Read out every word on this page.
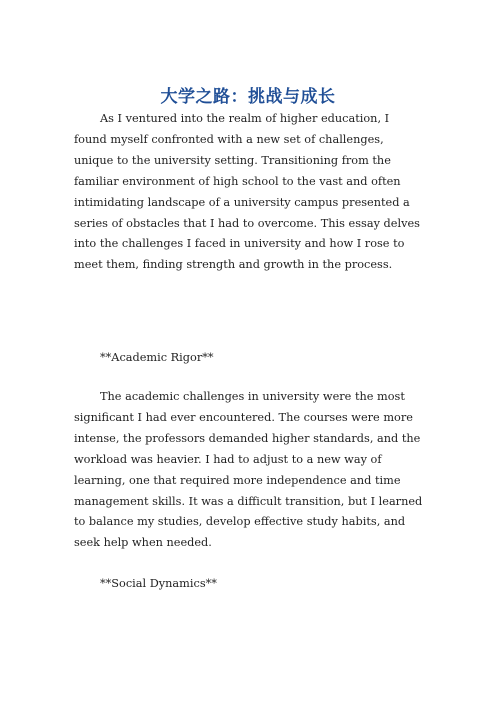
大学之路：挑战与成长

As I ventured into the realm of higher education, I found myself confronted with a new set of challenges, unique to the university setting. Transitioning from the familiar environment of high school to the vast and often intimidating landscape of a university campus presented a series of obstacles that I had to overcome. This essay delves into the challenges I faced in university and how I rose to meet them, finding strength and growth in the process.

**Academic Rigor**

The academic challenges in university were the most significant I had ever encountered. The courses were more intense, the professors demanded higher standards, and the workload was heavier. I had to adjust to a new way of learning, one that required more independence and time management skills. It was a difficult transition, but I learned to balance my studies, develop effective study habits, and seek help when needed.

**Social Dynamics**
